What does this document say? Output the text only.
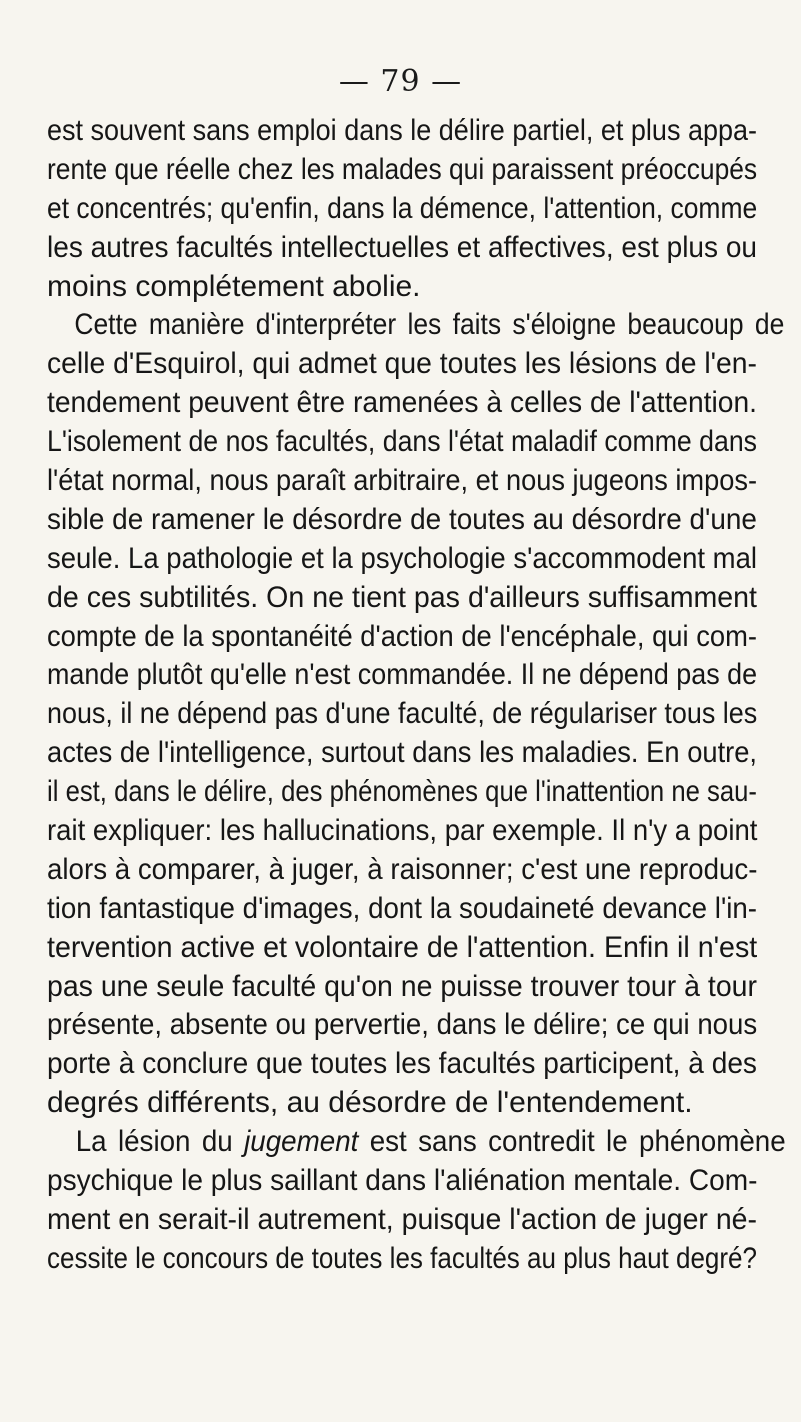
— 79 —
est souvent sans emploi dans le délire partiel, et plus appa-
rente que réelle chez les malades qui paraissent préoccupés
et concentrés; qu'enfin, dans la démence, l'attention, comme
les autres facultés intellectuelles et affectives, est plus ou
moins complétement abolie.
Cette manière d'interpréter les faits s'éloigne beaucoup de
celle d'Esquirol, qui admet que toutes les lésions de l'en-
tendement peuvent être ramenées à celles de l'attention.
L'isolement de nos facultés, dans l'état maladif comme dans
l'état normal, nous paraît arbitraire, et nous jugeons impos-
sible de ramener le désordre de toutes au désordre d'une
seule. La pathologie et la psychologie s'accommodent mal
de ces subtilités. On ne tient pas d'ailleurs suffisamment
compte de la spontanéité d'action de l'encéphale, qui com-
mande plutôt qu'elle n'est commandée. Il ne dépend pas de
nous, il ne dépend pas d'une faculté, de régulariser tous les
actes de l'intelligence, surtout dans les maladies. En outre,
il est, dans le délire, des phénomènes que l'inattention ne sau-
rait expliquer: les hallucinations, par exemple. Il n'y a point
alors à comparer, à juger, à raisonner; c'est une reproduc-
tion fantastique d'images, dont la soudaineté devance l'in-
tervention active et volontaire de l'attention. Enfin il n'est
pas une seule faculté qu'on ne puisse trouver tour à tour
présente, absente ou pervertie, dans le délire; ce qui nous
porte à conclure que toutes les facultés participent, à des
degrés différents, au désordre de l'entendement.
La lésion du jugement est sans contredit le phénomène
psychique le plus saillant dans l'aliénation mentale. Com-
ment en serait-il autrement, puisque l'action de juger né-
cessite le concours de toutes les facultés au plus haut degré?
